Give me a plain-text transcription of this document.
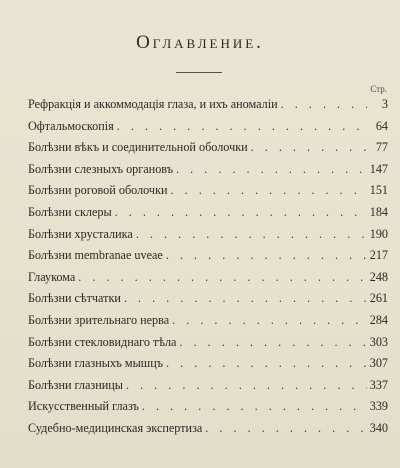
Оглавление.
Стр.
Рефракція и аккоммодація глаза, и ихъ аномаліи . . .	3
Офтальмоскопія . . .	64
Болѣзни вѣкъ и соединительной оболочки . . .	77
Болѣзни слезныхъ органовъ . . .	147
Болѣзни роговой оболочки . . .	151
Болѣзни склеры . . .	184
Болѣзни хрусталика . . .	190
Болѣзни membranae uveae . . .	217
Глаукома . . .	248
Болѣзни сѣтчатки . . .	261
Болѣзни зрительнаго нерва . . .	284
Болѣзни стекловиднаго тѣла . . .	303
Болѣзни глазныхъ мышцъ . . .	307
Болѣзни глазницы . . .	337
Искусственный глазъ . . .	339
Судебно-медицинская экспертиза . . .	340
